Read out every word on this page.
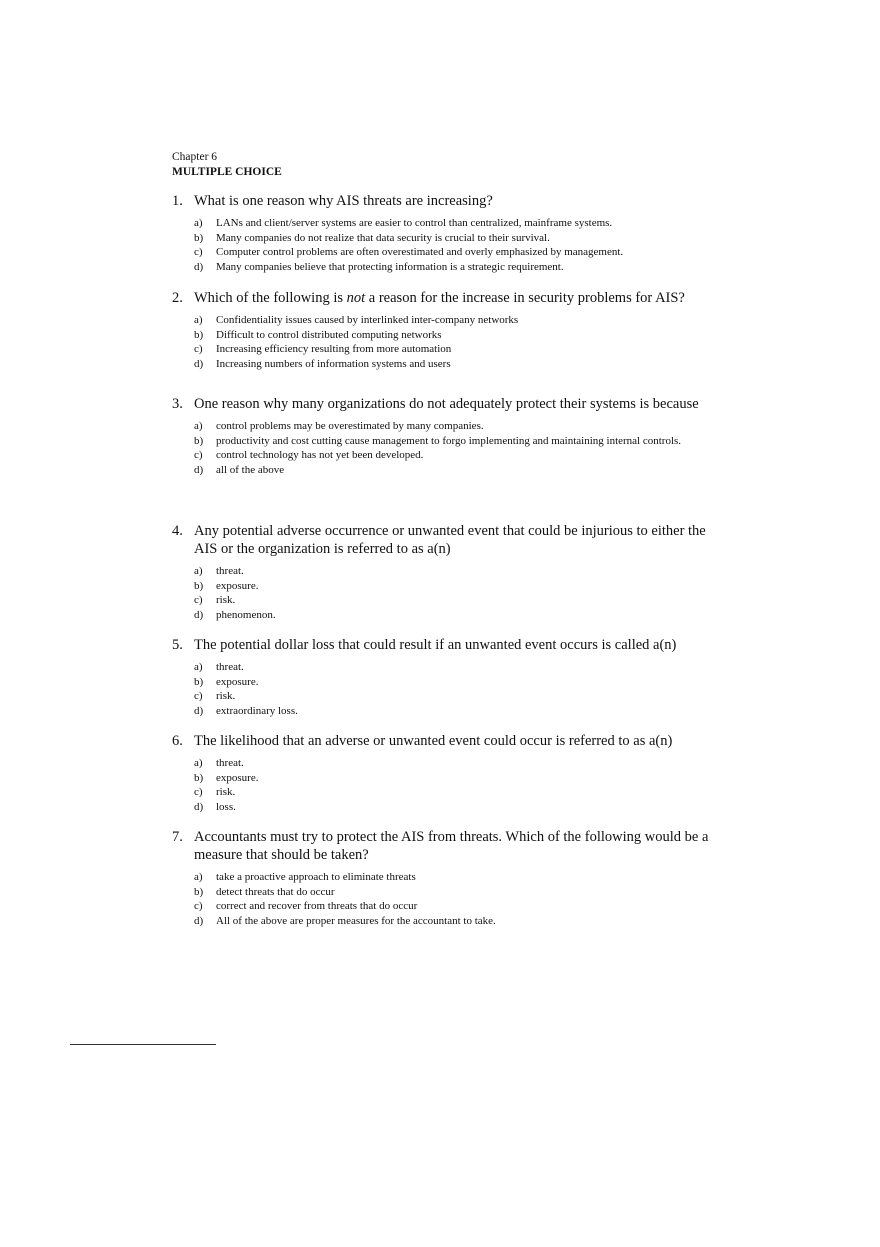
Chapter 6
MULTIPLE CHOICE
1. What is one reason why AIS threats are increasing?
a) LANs and client/server systems are easier to control than centralized, mainframe systems.
b) Many companies do not realize that data security is crucial to their survival.
c) Computer control problems are often overestimated and overly emphasized by management.
d) Many companies believe that protecting information is a strategic requirement.
2. Which of the following is not a reason for the increase in security problems for AIS?
a) Confidentiality issues caused by interlinked inter-company networks
b) Difficult to control distributed computing networks
c) Increasing efficiency resulting from more automation
d) Increasing numbers of information systems and users
3. One reason why many organizations do not adequately protect their systems is because
a) control problems may be overestimated by many companies.
b) productivity and cost cutting cause management to forgo implementing and maintaining internal controls.
c) control technology has not yet been developed.
d) all of the above
4. Any potential adverse occurrence or unwanted event that could be injurious to either the AIS or the organization is referred to as a(n)
a) threat.
b) exposure.
c) risk.
d) phenomenon.
5. The potential dollar loss that could result if an unwanted event occurs is called a(n)
a) threat.
b) exposure.
c) risk.
d) extraordinary loss.
6. The likelihood that an adverse or unwanted event could occur is referred to as a(n)
a) threat.
b) exposure.
c) risk.
d) loss.
7. Accountants must try to protect the AIS from threats. Which of the following would be a measure that should be taken?
a) take a proactive approach to eliminate threats
b) detect threats that do occur
c) correct and recover from threats that do occur
d) All of the above are proper measures for the accountant to take.
